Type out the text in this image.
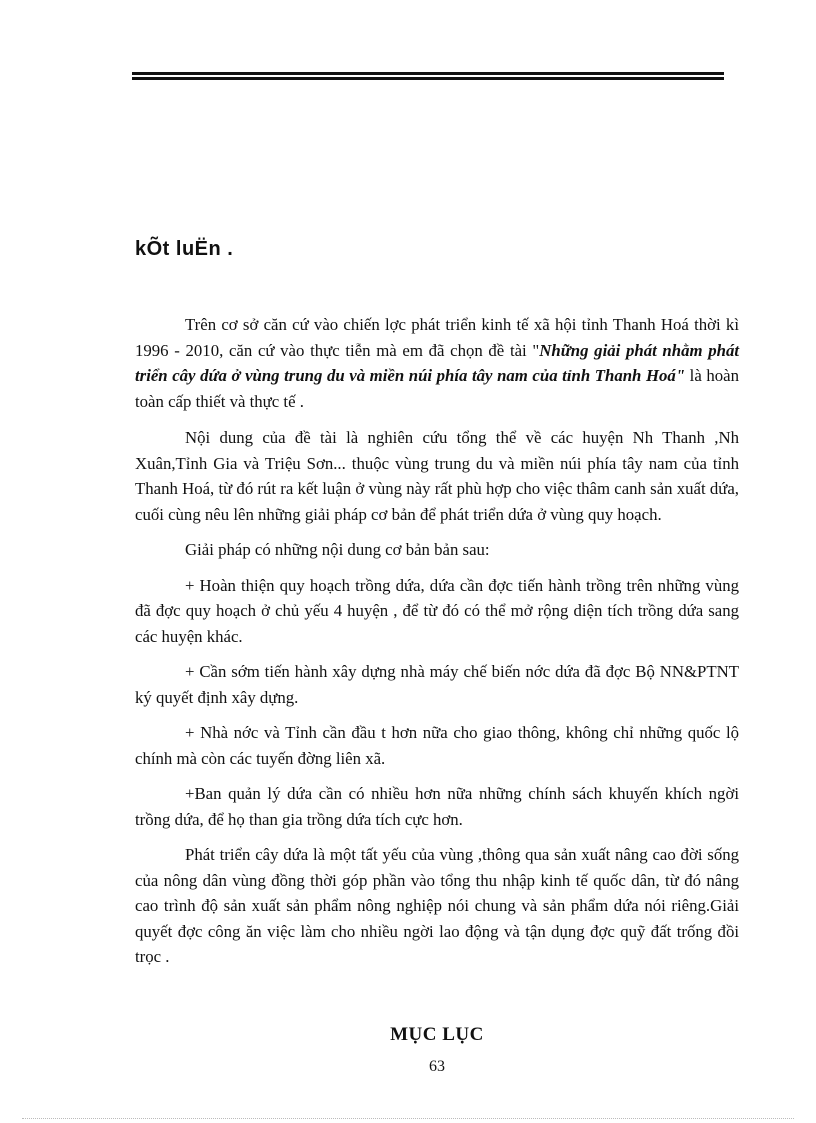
kÕt luËn .

Trên cơ sở căn cứ vào chiến lợc phát triển kinh tế xã hội tỉnh Thanh Hoá thời kì 1996 - 2010, căn cứ vào thực tiễn mà em đã chọn đề tài "Những giải phát nhằm phát triển cây dứa ở vùng trung du và miền núi phía tây nam của tỉnh Thanh Hoá" là hoàn toàn cấp thiết và thực tế .

Nội dung của đề tài là nghiên cứu tổng thể về các huyện Nh Thanh ,Nh Xuân,Tỉnh Gia và Triệu Sơn... thuộc vùng trung du và miền núi phía tây nam của tỉnh Thanh Hoá, từ đó rút ra kết luận ở vùng này rất phù hợp cho việc thâm canh sản xuất dứa, cuối cùng nêu lên những giải pháp cơ bản để phát triển dứa ở vùng quy hoạch.

Giải pháp có những nội dung cơ bản bản sau:

+ Hoàn thiện quy hoạch trồng dứa, dứa cần đợc tiến hành trồng trên những vùng đã đợc quy hoạch ở chủ yếu 4 huyện , để từ đó có thể mở rộng diện tích trồng dứa sang các huyện khác.

+ Cần sớm tiến hành xây dựng nhà máy chế biến nớc dứa đã đợc Bộ NN&PTNT ký quyết định xây dựng.

+ Nhà nớc và Tỉnh cần đầu t hơn nữa cho giao thông, không chỉ những quốc lộ chính mà còn các tuyến đờng liên xã.

+Ban quản lý dứa cần có nhiều hơn nữa những chính sách khuyến khích ngời trồng dứa, để họ than gia trồng dứa tích cực hơn.

Phát triển cây dứa là một tất yếu của vùng ,thông qua sản xuất nâng cao đời sống của nông dân vùng đồng thời góp phần vào tổng thu nhập kinh tế quốc dân, từ đó nâng cao trình độ sản xuất sản phẩm nông nghiệp nói chung và sản phẩm dứa nói riêng.Giải quyết đợc công ăn việc làm cho nhiều ngời lao động và tận dụng đợc quỹ đất trống đồi trọc .

MỤC LỤC
63
